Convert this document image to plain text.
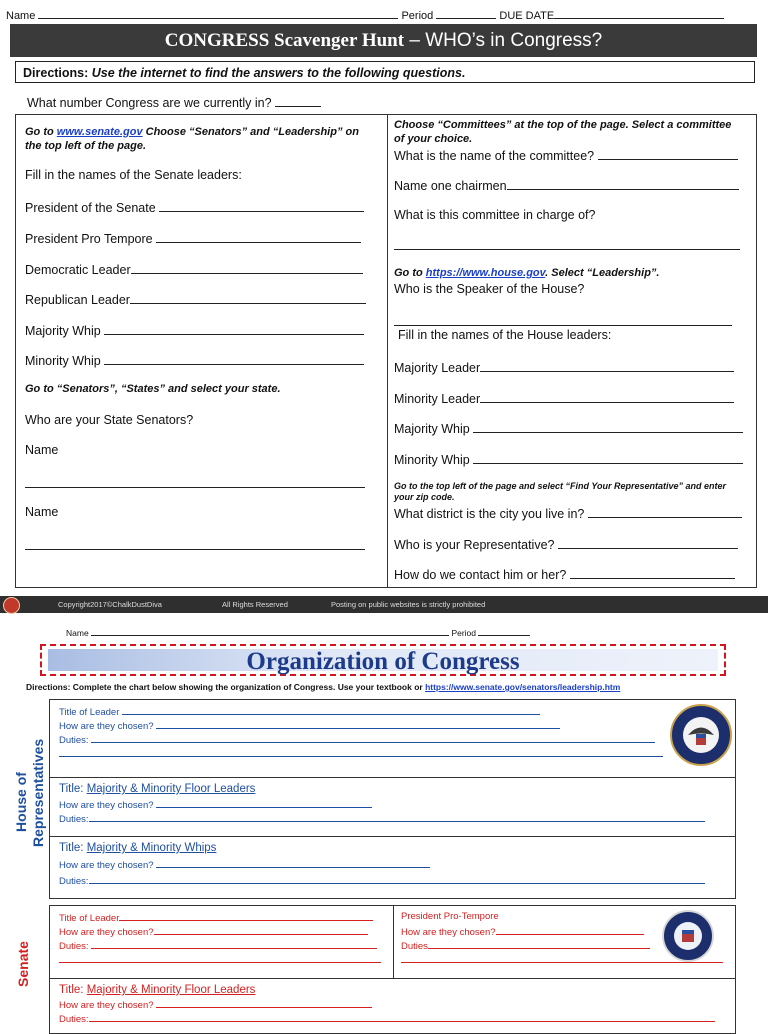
Name	Period	DUE DATE
CONGRESS Scavenger Hunt – WHO’s in Congress?
Directions: Use the internet to find the answers to the following questions.
What number Congress are we currently in?
Go to www.senate.gov Choose “Senators” and “Leadership” on the top left of the page.
Fill in the names of the Senate leaders:
President of the Senate
President Pro Tempore
Democratic Leader
Republican Leader
Majority Whip
Minority Whip
Go to “Senators”, “States” and select your state.
Who are your State Senators?
Name
Name
Choose “Committees” at the top of the page. Select a committee of your choice.
What is the name of the committee?
Name one chairmen
What is this committee in charge of?
Go to https://www.house.gov. Select “Leadership”.
Who is the Speaker of the House?
Fill in the names of the House leaders:
Majority Leader
Minority Leader
Majority Whip
Minority Whip
Go to the top left of the page and select “Find Your Representative” and enter your zip code.
What district is the city you live in?
Who is your Representative?
How do we contact him or her?
Copyright2017©ChalkDustDiva	All Rights Reserved	Posting on public websites is strictly prohibited
Name	Period
Organization of Congress
Directions: Complete the chart below showing the organization of Congress. Use your textbook or https://www.senate.gov/senators/leadership.htm
House of Representatives
Senate
Title of Leader
How are they chosen?
Duties:
Title: Majority & Minority Floor Leaders
How are they chosen?
Duties:
Title: Majority & Minority Whips
How are they chosen?
Duties:
Title of Leader
How are they chosen?
Duties:
President Pro-Tempore
How are they chosen?
Duties
Title: Majority & Minority Floor Leaders
How are they chosen?
Duties:
